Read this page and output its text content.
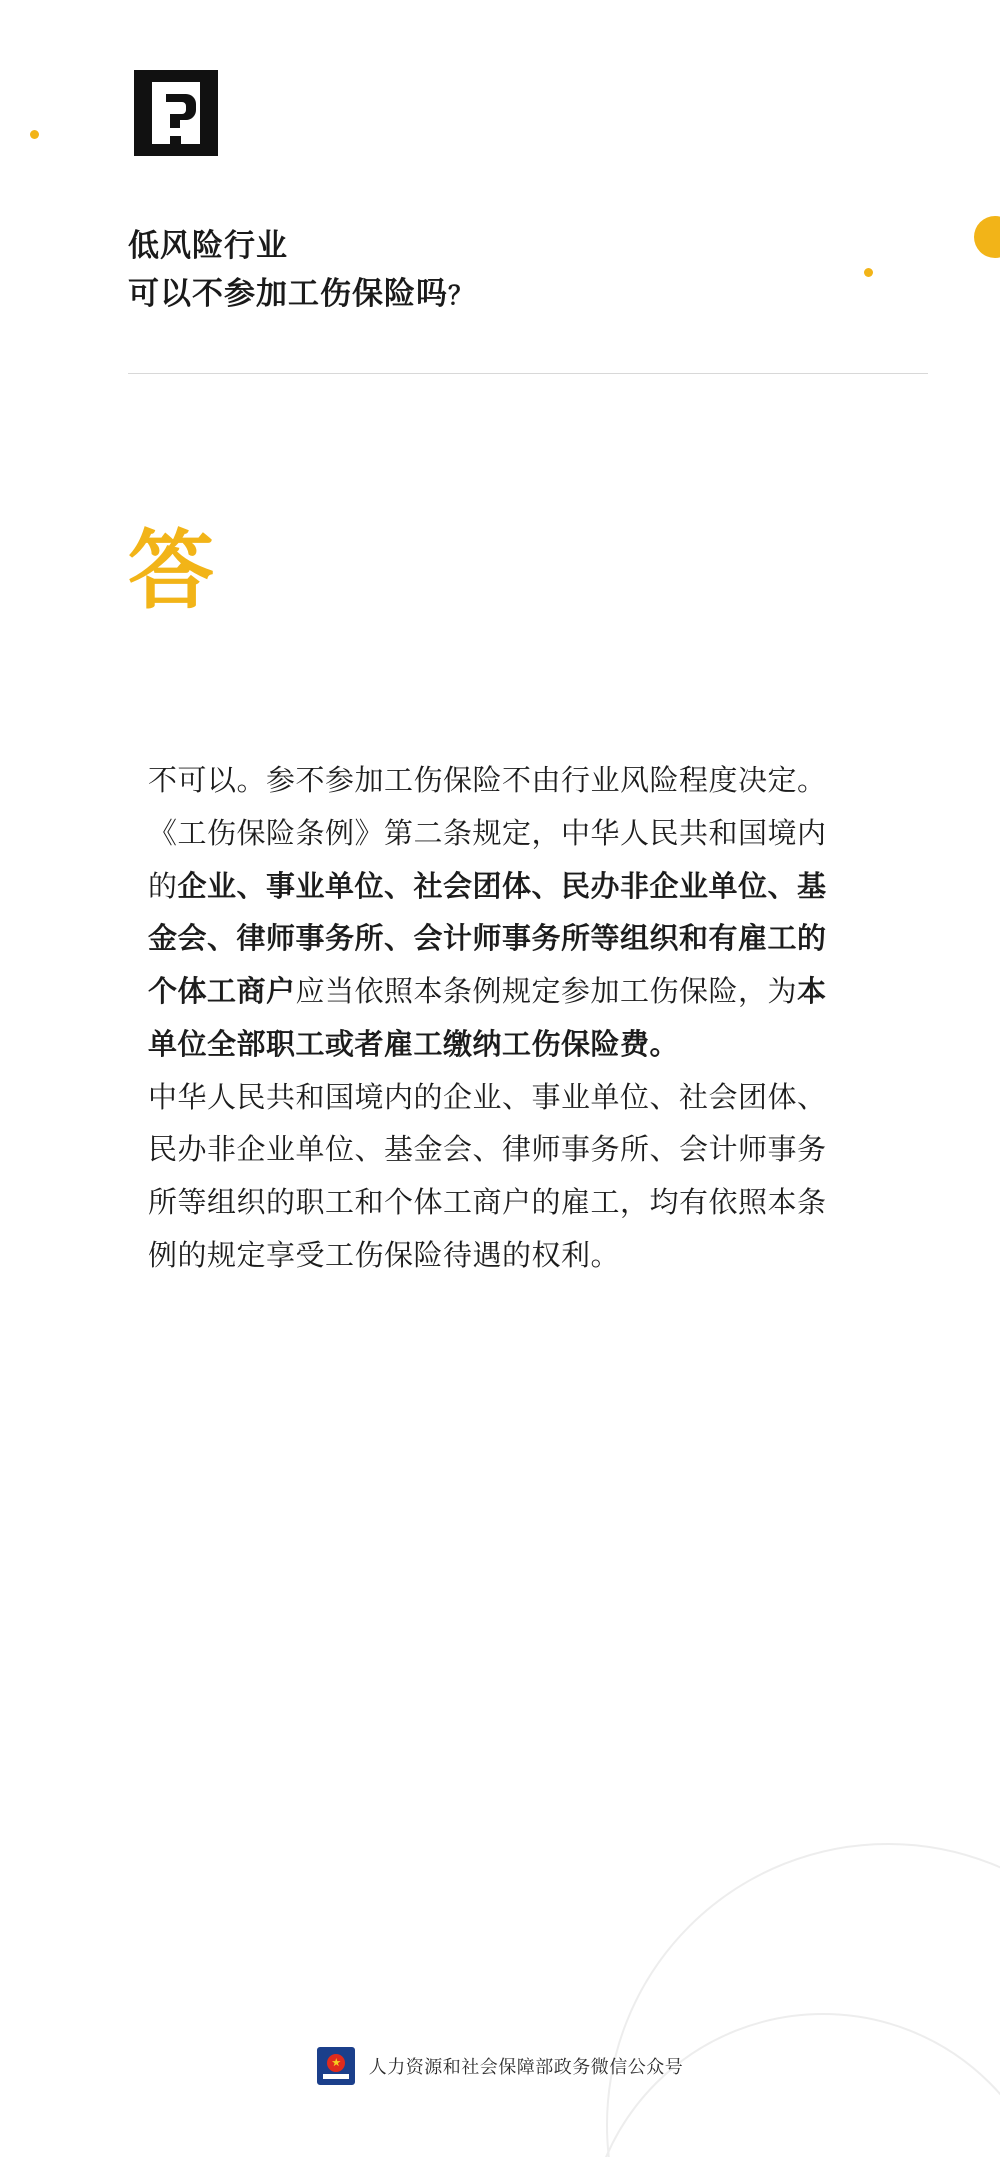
低风险行业
可以不参加工伤保险吗？
答

不可以。参不参加工伤保险不由行业风险程度决定。

《工伤保险条例》第二条规定，中华人民共和国境内的企业、事业单位、社会团体、民办非企业单位、基金会、律师事务所、会计师事务所等组织和有雇工的个体工商户应当依照本条例规定参加工伤保险，为本单位全部职工或者雇工缴纳工伤保险费。

中华人民共和国境内的企业、事业单位、社会团体、民办非企业单位、基金会、律师事务所、会计师事务所等组织的职工和个体工商户的雇工，均有依照本条例的规定享受工伤保险待遇的权利。

人力资源和社会保障部政务微信公众号
